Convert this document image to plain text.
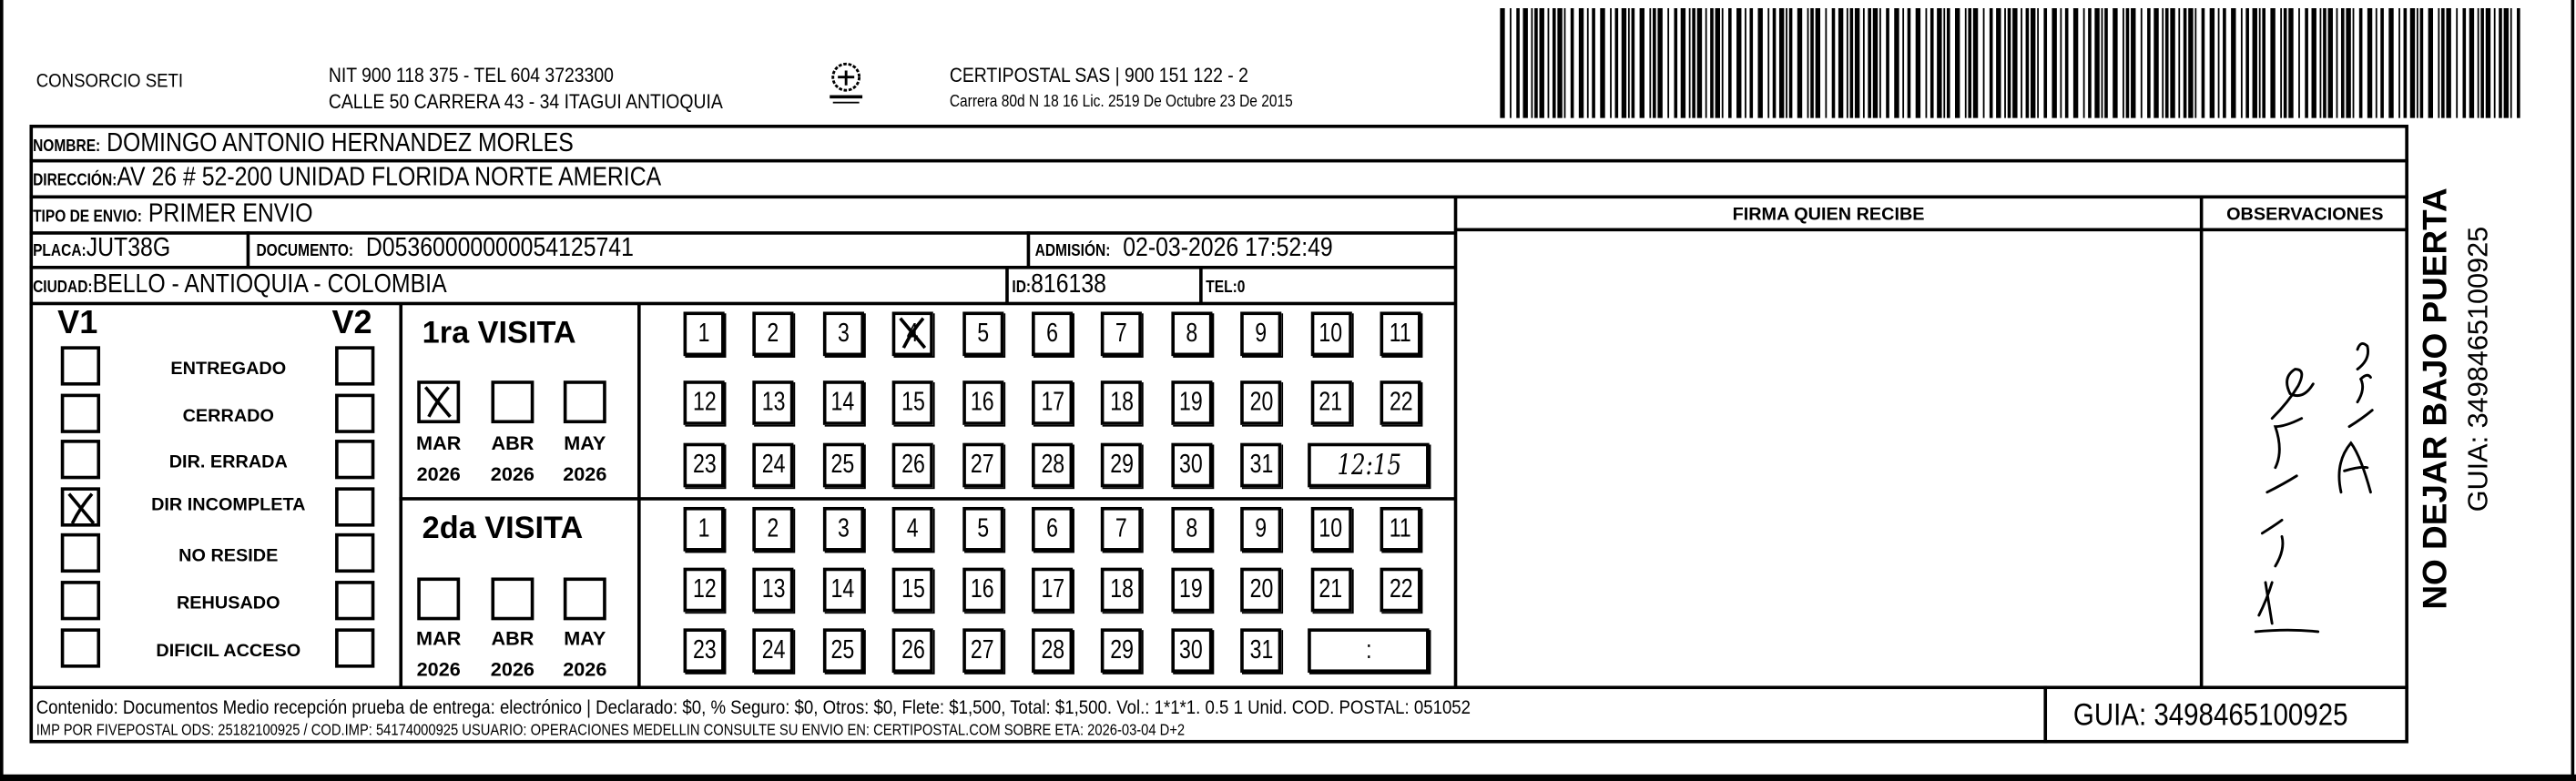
CONSORCIO SETI	NIT 900 118 375 - TEL 604 3723300
CALLE 50 CARRERA 43 - 34 ITAGUI ANTIOQUIA
CERTIPOSTAL SAS | 900 151 122 - 2
Carrera 80d N 18 16 Lic. 2519 De Octubre 23 De 2015
NOMBRE: DOMINGO ANTONIO HERNANDEZ MORLES
DIRECCIÓN:AV 26 # 52-200 UNIDAD FLORIDA NORTE AMERICA
TIPO DE ENVIO: PRIMER ENVIO
PLACA:JUT38G	DOCUMENTO: D05360000000054125741	ADMISIÓN: 02-03-2026 17:52:49
CIUDAD:BELLO - ANTIOQUIA - COLOMBIA	ID:816138	TEL:0
FIRMA QUIEN RECIBE	OBSERVACIONES
V1	V2
Contenido: Documentos Medio recepción prueba de entrega: electrónico | Declarado: $0, % Seguro: $0, Otros: $0, Flete: $1,500, Total: $1,500. Vol.: 1*1*1. 0.5 1 Unid. COD. POSTAL: 051052
IMP POR FIVEPOSTAL ODS: 25182100925 / COD.IMP: 54174000925 USUARIO: OPERACIONES MEDELLIN CONSULTE SU ENVIO EN: CERTIPOSTAL.COM SOBRE ETA: 2026-03-04 D+2	GUIA: 3498465100925
NO DEJAR BAJO PUERTA GUIA: 3498465100925
ENTREGADO
CERRADO
DIR. ERRADA
DIR INCOMPLETA
NO RESIDE
REHUSADO
DIFICIL ACCESO
1ra VISITA
MAR
2026
ABR
2026
MAY
2026
1	2	3	4	5	6	7	8	9	10	11
12	13	14	15	16	17	18	19	20	21	22
23	24	25	26	27	28	29	30	31	12:15
2da VISITA
MAR
2026
ABR
2026
MAY
2026
1	2	3	4	5	6	7	8	9	10	11
12	13	14	15	16	17	18	19	20	21	22
23	24	25	26	27	28	29	30	31	:
